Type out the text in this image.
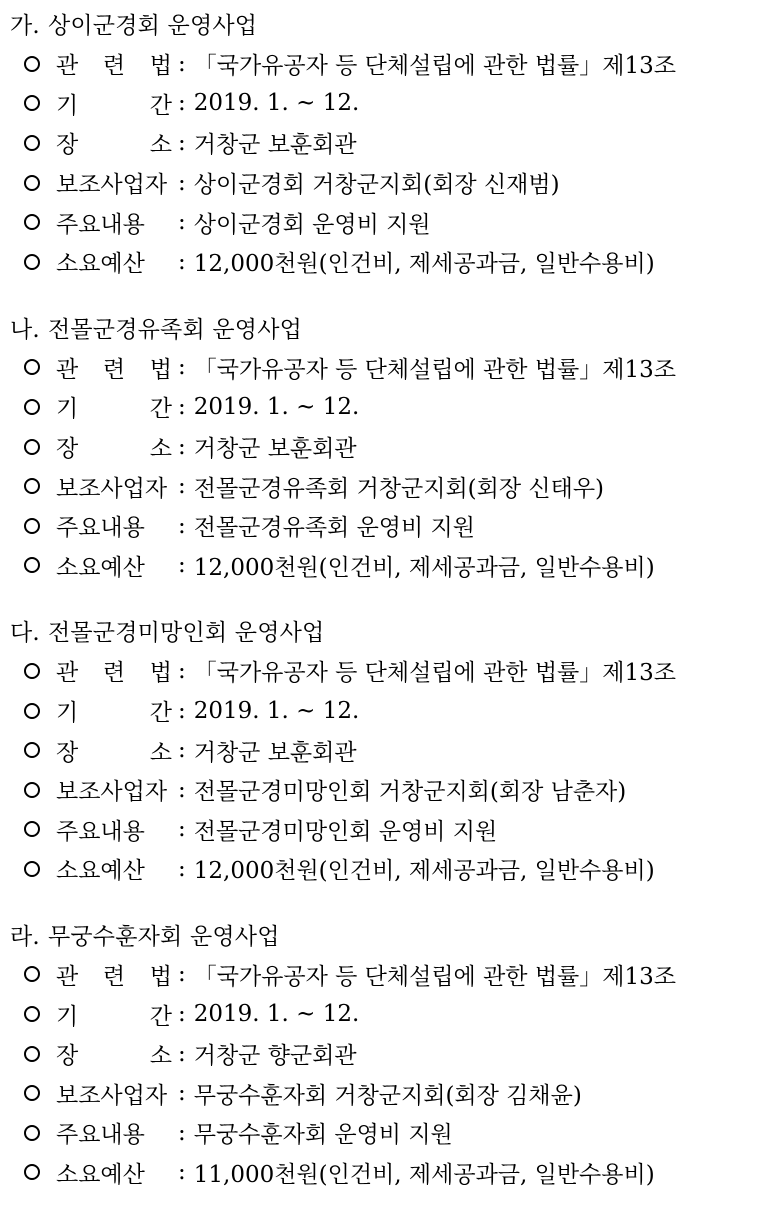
가. 상이군경회 운영사업
관 련 법 : 「국가유공자 등 단체설립에 관한 법률」제13조
기 간 : 2019. 1. ~ 12.
장 소 : 거창군 보훈회관
보조사업자 : 상이군경회 거창군지회(회장 신재범)
주요내용	: 상이군경회 운영비 지원
소요예산	: 12,000천원(인건비, 제세공과금, 일반수용비)
나. 전몰군경유족회 운영사업
관 련 법 : 「국가유공자 등 단체설립에 관한 법률」제13조
기 간 : 2019. 1. ~ 12.
장 소 : 거창군 보훈회관
보조사업자 : 전몰군경유족회 거창군지회(회장 신태우)
주요내용	: 전몰군경유족회 운영비 지원
소요예산	: 12,000천원(인건비, 제세공과금, 일반수용비)
다. 전몰군경미망인회 운영사업
관 련 법 : 「국가유공자 등 단체설립에 관한 법률」제13조
기 간 : 2019. 1. ~ 12.
장 소 : 거창군 보훈회관
보조사업자 : 전몰군경미망인회 거창군지회(회장 남춘자)
주요내용	: 전몰군경미망인회 운영비 지원
소요예산	: 12,000천원(인건비, 제세공과금, 일반수용비)
라. 무궁수훈자회 운영사업
관 련 법 : 「국가유공자 등 단체설립에 관한 법률」제13조
기 간 : 2019. 1. ~ 12.
장 소 : 거창군 향군회관
보조사업자 : 무궁수훈자회 거창군지회(회장 김채윤)
주요내용	: 무궁수훈자회 운영비 지원
소요예산	: 11,000천원(인건비, 제세공과금, 일반수용비)
